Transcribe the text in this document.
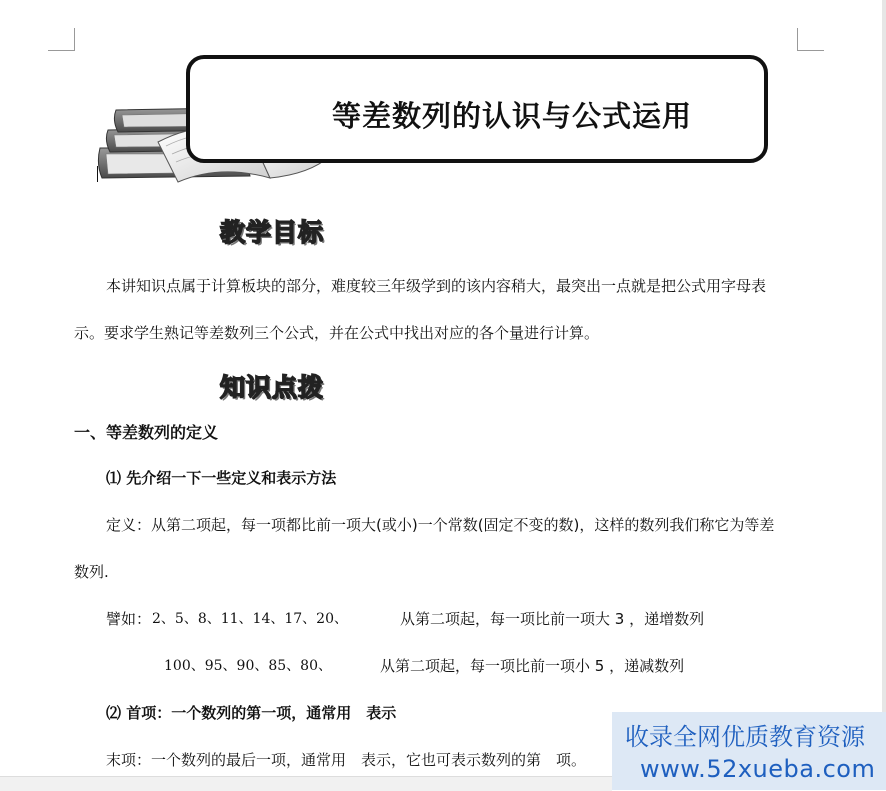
等差数列的认识与公式运用
教学目标
本讲知识点属于计算板块的部分，难度较三年级学到的该内容稍大，最突出一点就是把公式用字母表
示。要求学生熟记等差数列三个公式，并在公式中找出对应的各个量进行计算。
知识点拨
一、等差数列的定义
⑴ 先介绍一下一些定义和表示方法
定义：从第二项起，每一项都比前一项大(或小)一个常数(固定不变的数)，这样的数列我们称它为等差
数列.
譬如： 2、5、8、11、14、17、20、	从第二项起，每一项比前一项大 3 ，递增数列
100、95、90、85、80、	从第二项起，每一项比前一项小 5 ，递减数列
⑵ 首项：一个数列的第一项，通常用　表示
末项：一个数列的最后一项，通常用　表示，它也可表示数列的第　项。
收录全网优质教育资源
www.52xueba.com
